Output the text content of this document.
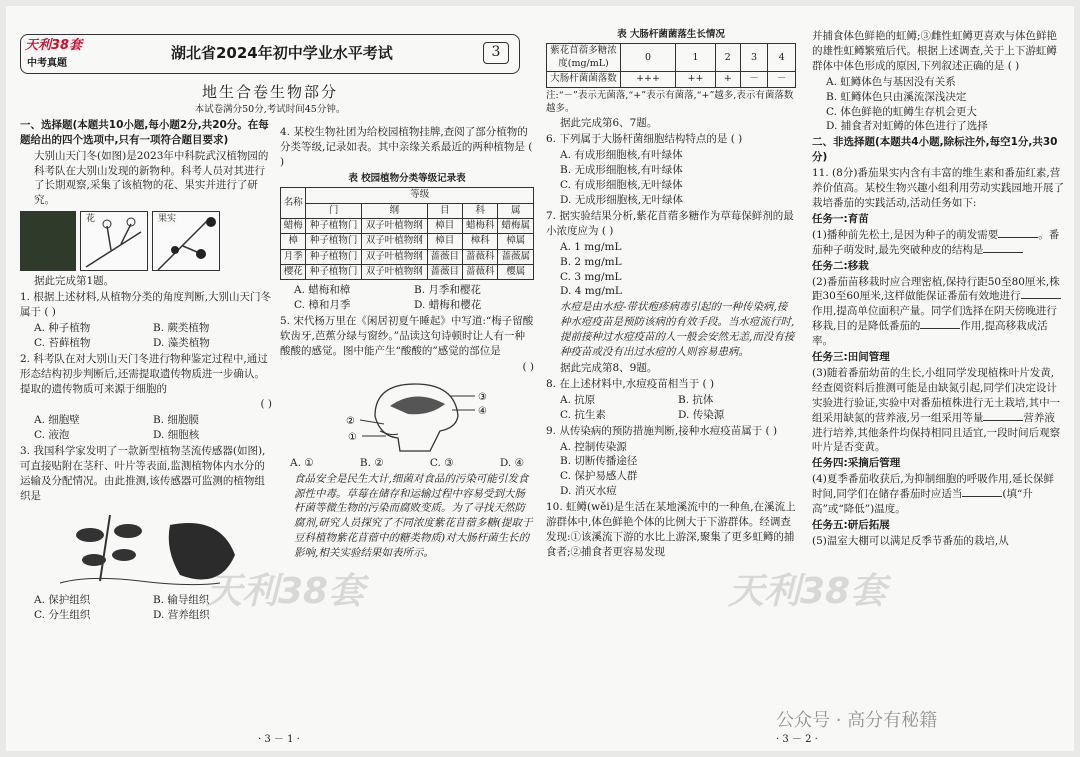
天利38套
中考真题
湖北省2024年初中学业水平考试	3
地生合卷生物部分
本试卷满分50分,考试时间45分钟。
一、选择题(本题共10小题,每小题2分,共20分。在每题给出的四个选项中,只有一项符合题目要求)
大别山天门冬(如图)是2023年中科院武汉植物园的科考队在大别山发现的新物种。科考人员对其进行了长期观察,采集了该植物的花、果实并进行了研究。
花	果实
据此完成第1题。
1. 根据上述材料,从植物分类的角度判断,大别山天门冬属于 ( )
A. 种子植物	B. 蕨类植物
C. 苔藓植物	D. 藻类植物
2. 科考队在对大别山天门冬进行物种鉴定过程中,通过形态结构初步判断后,还需提取遗传物质进一步确认。提取的遗传物质可来源于细胞的
( )
A. 细胞壁	B. 细胞膜
C. 液泡	D. 细胞核
3. 我国科学家发明了一款新型植物茎流传感器(如图),可直接贴附在茎秆、叶片等表面,监测植物体内水分的运输及分配情况。由此推测,该传感器可监测的植物组织是
A. 保护组织	B. 输导组织
C. 分生组织	D. 营养组织
4. 某校生物社团为给校园植物挂牌,查阅了部分植物的分类等级,记录如表。其中亲缘关系最近的两种植物是 ( )
表 校园植物分类等级记录表
名称	等级				
	门	纲	目	科	属
蜡梅	种子植物门	双子叶植物纲	樟目	蜡梅科	蜡梅属
樟	种子植物门	双子叶植物纲	樟目	樟科	樟属
月季	种子植物门	双子叶植物纲	蔷薇目	蔷薇科	蔷薇属
樱花	种子植物门	双子叶植物纲	蔷薇目	蔷薇科	樱属
A. 蜡梅和樟	B. 月季和樱花
C. 樟和月季	D. 蜡梅和樱花
5. 宋代杨万里在《闲居初夏午睡起》中写道:“梅子留酸软齿牙,芭蕉分绿与窗纱。”品读这句诗顿时让人有一种酸酸的感觉。图中能产生“酸酸的”感觉的部位是
( )
③
④
②
①
A. ①	B. ②	C. ③	D. ④
食品安全是民生大计,细菌对食品的污染可能引发食源性中毒。草莓在储存和运输过程中容易受到大肠杆菌等微生物的污染而腐败变质。为了寻找天然防腐剂,研究人员探究了不同浓度紫花苜蓿多糖(提取于豆科植物紫花苜蓿中的糖类物质)对大肠杆菌生长的影响,相关实验结果如表所示。
天利38套
· 3 － 1 ·
表 大肠杆菌菌落生长情况
紫花苜蓿多糖浓度(mg/mL)	0	1	2	3	4
大肠杆菌菌落数	+++	++	+	－	－
注:“－”表示无菌落,“+”表示有菌落,“+”越多,表示有菌落数越多。
据此完成第6、7题。
6. 下列属于大肠杆菌细胞结构特点的是 ( )
A. 有成形细胞核,有叶绿体
B. 无成形细胞核,有叶绿体
C. 有成形细胞核,无叶绿体
D. 无成形细胞核,无叶绿体
7. 据实验结果分析,紫花苜蓿多糖作为草莓保鲜剂的最小浓度应为 ( )
A. 1 mg/mL
B. 2 mg/mL
C. 3 mg/mL
D. 4 mg/mL
水痘是由水痘-带状疱疹病毒引起的一种传染病,接种水痘疫苗是预防该病的有效手段。当水痘流行时,提前接种过水痘疫苗的人一般会安然无恙,而没有接种疫苗或没有出过水痘的人则容易患病。
据此完成第8、9题。
8. 在上述材料中,水痘疫苗相当于 ( )
A. 抗原	B. 抗体
C. 抗生素	D. 传染源
9. 从传染病的预防措施判断,接种水痘疫苗属于 ( )
A. 控制传染源
B. 切断传播途径
C. 保护易感人群
D. 消灭水痘
10. 虹鳟(wěi)是生活在某地溪流中的一种鱼,在溪流上游群体中,体色鲜艳个体的比例大于下游群体。经调查发现:①该溪流下游的水比上游深,聚集了更多虹鳟的捕食者;②捕食者更容易发现
天利38套
· 3 － 2 ·
并捕食体色鲜艳的虹鳟;③雌性虹鳟更喜欢与体色鲜艳的雄性虹鳟繁殖后代。根据上述调查,关于上下游虹鳟群体中体色形成的原因,下列叙述正确的是 ( )
A. 虹鳟体色与基因没有关系
B. 虹鳟体色只由溪流深浅决定
C. 体色鲜艳的虹鳟生存机会更大
D. 捕食者对虹鳟的体色进行了选择
二、非选择题(本题共4小题,除标注外,每空1分,共30分)
11. (8分)番茄果实内含有丰富的维生素和番茄红素,营养价值高。某校生物兴趣小组利用劳动实践园地开展了栽培番茄的实践活动,活动任务如下:
任务一:育苗
(1)播种前先松土,是因为种子的萌发需要	。番茄种子萌发时,最先突破种皮的结构是
任务二:移栽
(2)番茄苗移栽时应合理密植,保持行距50至80厘米,株距30至60厘米,这样做能保证番茄有效地进行作用,提高单位面积产量。同学们选择在阴天傍晚进行移栽,目的是降低番茄的	作用,提高移栽成活率。
任务三:田间管理
(3)随着番茄幼苗的生长,小组同学发现植株叶片发黄,经查阅资料后推测可能是由缺氮引起,同学们决定设计实验进行验证,实验中对番茄植株进行无土栽培,其中一组采用缺氮的营养液,另一组采用等量	营养液进行培养,其他条件均保持相同且适宜,一段时间后观察叶片是否变黄。
任务四:采摘后管理
(4)夏季番茄收获后,为抑制细胞的呼吸作用,延长保鲜时间,同学们在储存番茄时应适当	(填“升高”或“降低”)温度。
任务五:研后拓展
(5)温室大棚可以满足反季节番茄的栽培,从
公众号 · 高分有秘籍
